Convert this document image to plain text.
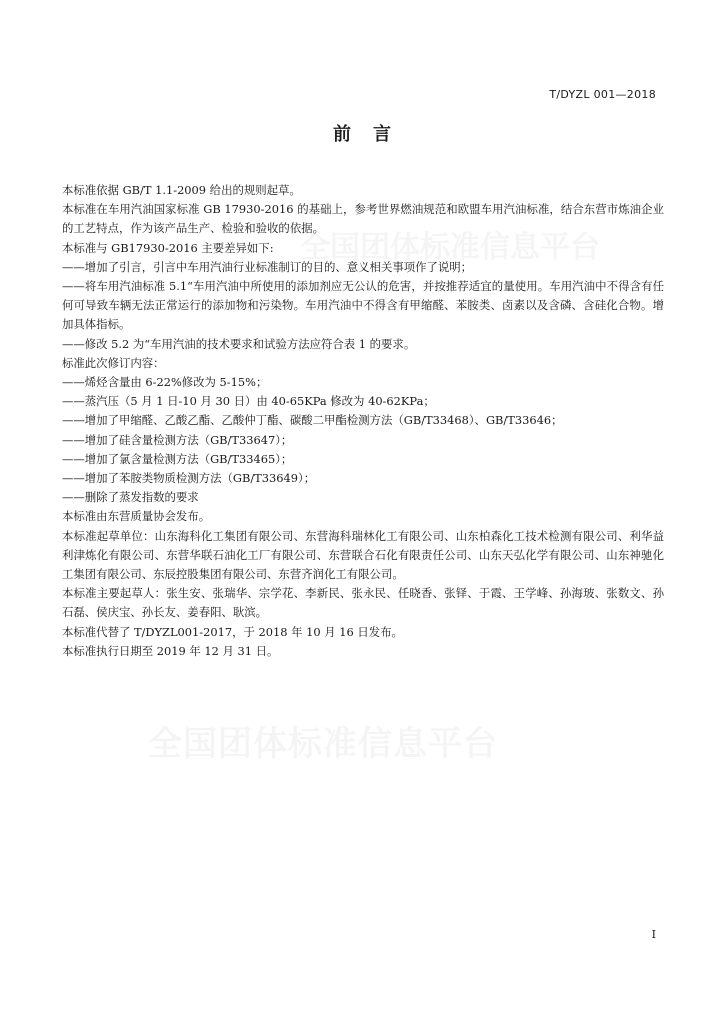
T/DYZL 001—2018
前言

本标准依据 GB/T 1.1-2009 给出的规则起草。

本标准在车用汽油国家标准 GB 17930-2016 的基础上，参考世界燃油规范和欧盟车用汽油标准，结合东营市炼油企业的工艺特点，作为该产品生产、检验和验收的依据。

本标准与 GB17930-2016 主要差异如下:

——增加了引言，引言中车用汽油行业标准制订的目的、意义相关事项作了说明；

——将车用汽油标准 5.1“车用汽油中所使用的添加剂应无公认的危害，并按推荐适宜的量使用。车用汽油中不得含有任何可导致车辆无法正常运行的添加物和污染物。车用汽油中不得含有甲缩醛、苯胺类、卤素以及含磷、含硅化合物。增加具体指标。

——修改 5.2 为“车用汽油的技术要求和试验方法应符合表 1 的要求。

标准此次修订内容：

——烯烃含量由 6-22%修改为 5-15%；

——蒸汽压（5 月 1 日-10 月 30 日）由 40-65KPa 修改为 40-62KPa；

——增加了甲缩醛、乙酸乙酯、乙酸仲丁酯、碳酸二甲酯检测方法（GB/T33468）、GB/T33646；

——增加了硅含量检测方法（GB/T33647）；

——增加了氯含量检测方法（GB/T33465）；

——增加了苯胺类物质检测方法（GB/T33649）；

——删除了蒸发指数的要求

本标准由东营质量协会发布。

本标准起草单位：山东海科化工集团有限公司、东营海科瑞林化工有限公司、山东柏森化工技术检测有限公司、利华益利津炼化有限公司、东营华联石油化工厂有限公司、东营联合石化有限责任公司、山东天弘化学有限公司、山东神驰化工集团有限公司、东辰控股集团有限公司、东营齐润化工有限公司。

本标准主要起草人：张生安、张瑞华、宗学花、李新民、张永民、任晓香、张铎、于霞、王学峰、孙海玻、张数文、孙石磊、侯庆宝、孙长友、姜春阳、耿滨。

本标准代替了 T/DYZL001-2017，于 2018 年 10 月 16 日发布。

本标准执行日期至 2019 年 12 月 31 日。

I
